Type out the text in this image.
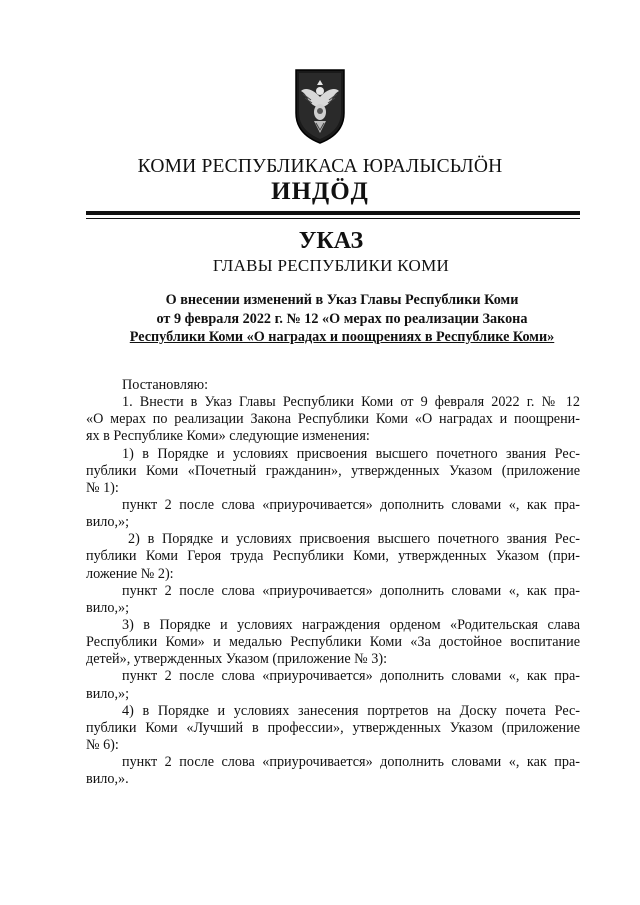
КОМИ РЕСПУБЛИКАСА ЮРАЛЫСЬЛÖН
ИНДÖД
УКАЗ
ГЛАВЫ РЕСПУБЛИКИ КОМИ
О внесении изменений в Указ Главы Республики Коми
от 9 февраля 2022 г. № 12 «О мерах по реализации Закона
Республики Коми «О наградах и поощрениях в Республике Коми»
Постановляю:
1. Внести в Указ Главы Республики Коми от 9 февраля 2022 г. № 12
«О мерах по реализации Закона Республики Коми «О наградах и поощрени-
ях в Республике Коми» следующие изменения:
1) в Порядке и условиях присвоения высшего почетного звания Рес-
публики Коми «Почетный гражданин», утвержденных Указом (приложение
№ 1):
пункт 2 после слова «приурочивается» дополнить словами «, как пра-
вило,»;
2) в Порядке и условиях присвоения высшего почетного звания Рес-
публики Коми Героя труда Республики Коми, утвержденных Указом (при-
ложение № 2):
пункт 2 после слова «приурочивается» дополнить словами «, как пра-
вило,»;
3) в Порядке и условиях награждения орденом «Родительская слава
Республики Коми» и медалью Республики Коми «За достойное воспитание
детей», утвержденных Указом (приложение № 3):
пункт 2 после слова «приурочивается» дополнить словами «, как пра-
вило,»;
4) в Порядке и условиях занесения портретов на Доску почета Рес-
публики Коми «Лучший в профессии», утвержденных Указом (приложение
№ 6):
пункт 2 после слова «приурочивается» дополнить словами «, как пра-
вило,».
